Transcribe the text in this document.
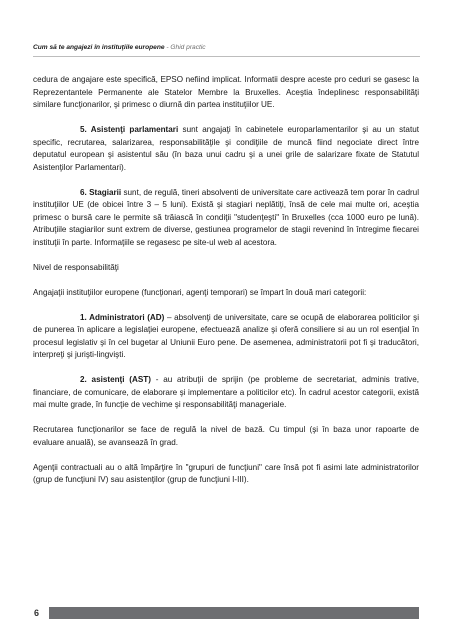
Cum să te angajezi în instituţiile europene - Ghid practic

cedura de angajare este specifică, EPSO nefiind implicat. Informatii despre aceste pro ceduri se gasesc la Reprezentantele Permanente ale Statelor Membre la Bruxelles. Aceştia îndeplinesc responsabilităţi similare funcţionarilor, şi primesc o diurnă din partea instituţiilor UE.

5. Asistenţi parlamentari sunt angajaţi în cabinetele europarlamentarilor şi au un statut specific, recrutarea, salarizarea, responsabilităţile şi condiţiile de muncă fiind negociate direct între deputatul european şi asistentul său (în baza unui cadru şi a unei grile de salarizare fixate de Statutul Asistenţilor Parlamentari).

6. Stagiarii sunt, de regulă, tineri absolventi de universitate care activează tem porar în cadrul instituţiilor UE (de obicei între 3 – 5 luni). Există şi stagiari neplătiţi, însă de cele mai multe ori, aceştia primesc o bursă care le permite să trăiască în condiţii "studenţeşti" în Bruxelles (cca 1000 euro pe lună). Atribuţiile stagiarilor sunt extrem de diverse, gestiunea programelor de stagii revenind în întregime fiecarei instituţii în parte. Informaţiile se regasesc pe site-ul web al acestora.

Nivel de responsabilităţi

Angajaţii instituţiilor europene (funcţionari, agenţi temporari) se împart în două mari categorii:

1. Administratori (AD) – absolvenţi de universitate, care se ocupă de elaborarea politicilor şi de punerea în aplicare a legislaţiei europene, efectuează analize şi oferă consiliere si au un rol esenţial în procesul legislativ şi în cel bugetar al Uniunii Euro pene. De asemenea, administratorii pot fi şi traducători, interpreţi şi jurişti-lingvişti.

2. asistenţi (AST) - au atribuţii de sprijin (pe probleme de secretariat, adminis trative, financiare, de comunicare, de elaborare şi implementare a politicilor etc). În cadrul acestor categorii, există mai multe grade, în funcţie de vechime şi responsabilităţi manageriale.

Recrutarea funcţionarilor se face de regulă la nivel de bază. Cu timpul (şi în baza unor rapoarte de evaluare anuală), se avansează în grad.

Agenţii contractuali au o altă împărţire în "grupuri de funcţiuni" care însă pot fi asimi late administratorilor (grup de funcţiuni IV) sau asistenţilor (grup de funcţiuni I-III).

6
